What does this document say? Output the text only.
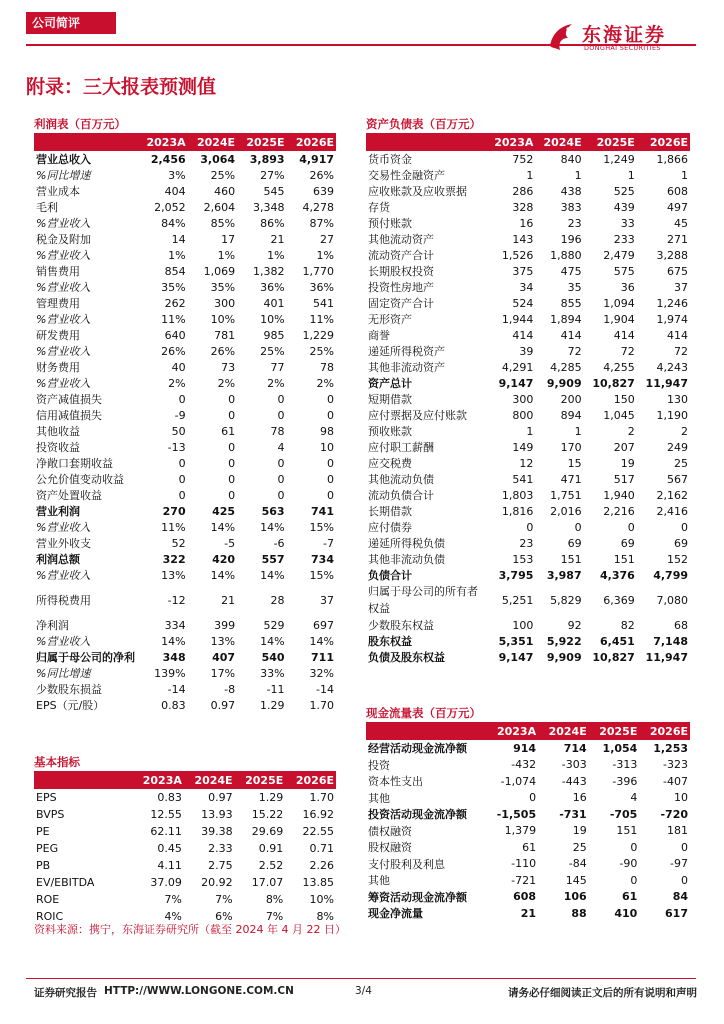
公司简评
东海证券
DONGHAI SECURITIES
附录：三大报表预测值
利润表（百万元）
	2023A	2024E	2025E	2026E
营业总收入	2,456	3,064	3,893	4,917
%同比增速	3%	25%	27%	26%
营业成本	404	460	545	639
毛利	2,052	2,604	3,348	4,278
%营业收入	84%	85%	86%	87%
税金及附加	14	17	21	27
%营业收入	1%	1%	1%	1%
销售费用	854	1,069	1,382	1,770
%营业收入	35%	35%	36%	36%
管理费用	262	300	401	541
%营业收入	11%	10%	10%	11%
研发费用	640	781	985	1,229
%营业收入	26%	26%	25%	25%
财务费用	40	73	77	78
%营业收入	2%	2%	2%	2%
资产减值损失	0	0	0	0
信用减值损失	-9	0	0	0
其他收益	50	61	78	98
投资收益	-13	0	4	10
净敞口套期收益	0	0	0	0
公允价值变动收益	0	0	0	0
资产处置收益	0	0	0	0
营业利润	270	425	563	741
%营业收入	11%	14%	14%	15%
营业外收支	52	-5	-6	-7
利润总额	322	420	557	734
%营业收入	13%	14%	14%	15%
所得税费用	-12	21	28	37
净利润	334	399	529	697
%营业收入	14%	13%	14%	14%
归属于母公司的净利	348	407	540	711
%同比增速	139%	17%	33%	32%
少数股东损益	-14	-8	-11	-14
EPS（元/股）	0.83	0.97	1.29	1.70
基本指标
	2023A	2024E	2025E	2026E
EPS	0.83	0.97	1.29	1.70
BVPS	12.55	13.93	15.22	16.92
PE	62.11	39.38	29.69	22.55
PEG	0.45	2.33	0.91	0.71
PB	4.11	2.75	2.52	2.26
EV/EBITDA	37.09	20.92	17.07	13.85
ROE	7%	7%	8%	10%
ROIC	4%	6%	7%	8%
资产负债表（百万元）
	2023A	2024E	2025E	2026E
货币资金	752	840	1,249	1,866
交易性金融资产	1	1	1	1
应收账款及应收票据	286	438	525	608
存货	328	383	439	497
预付账款	16	23	33	45
其他流动资产	143	196	233	271
流动资产合计	1,526	1,880	2,479	3,288
长期股权投资	375	475	575	675
投资性房地产	34	35	36	37
固定资产合计	524	855	1,094	1,246
无形资产	1,944	1,894	1,904	1,974
商誉	414	414	414	414
递延所得税资产	39	72	72	72
其他非流动资产	4,291	4,285	4,255	4,243
资产总计	9,147	9,909	10,827	11,947
短期借款	300	200	150	130
应付票据及应付账款	800	894	1,045	1,190
预收账款	1	1	2	2
应付职工薪酬	149	170	207	249
应交税费	12	15	19	25
其他流动负债	541	471	517	567
流动负债合计	1,803	1,751	1,940	2,162
长期借款	1,816	2,016	2,216	2,416
应付债券	0	0	0	0
递延所得税负债	23	69	69	69
其他非流动负债	153	151	151	152
负债合计	3,795	3,987	4,376	4,799
归属于母公司的所有者权益	5,251	5,829	6,369	7,080
少数股东权益	100	92	82	68
股东权益	5,351	5,922	6,451	7,148
负债及股东权益	9,147	9,909	10,827	11,947
现金流量表（百万元）
	2023A	2024E	2025E	2026E
经营活动现金流净额	914	714	1,054	1,253
投资	-432	-303	-313	-323
资本性支出	-1,074	-443	-396	-407
其他	0	16	4	10
投资活动现金流净额	-1,505	-731	-705	-720
债权融资	1,379	19	151	181
股权融资	61	25	0	0
支付股利及利息	-110	-84	-90	-97
其他	-721	145	0	0
筹资活动现金流净额	608	106	61	84
现金净流量	21	88	410	617
资料来源：携宁，东海证券研究所（截至 2024 年 4 月 22 日）
证券研究报告 HTTP://WWW.LONGONE.COM.CN	3/4	请务必仔细阅读正文后的所有说明和声明
